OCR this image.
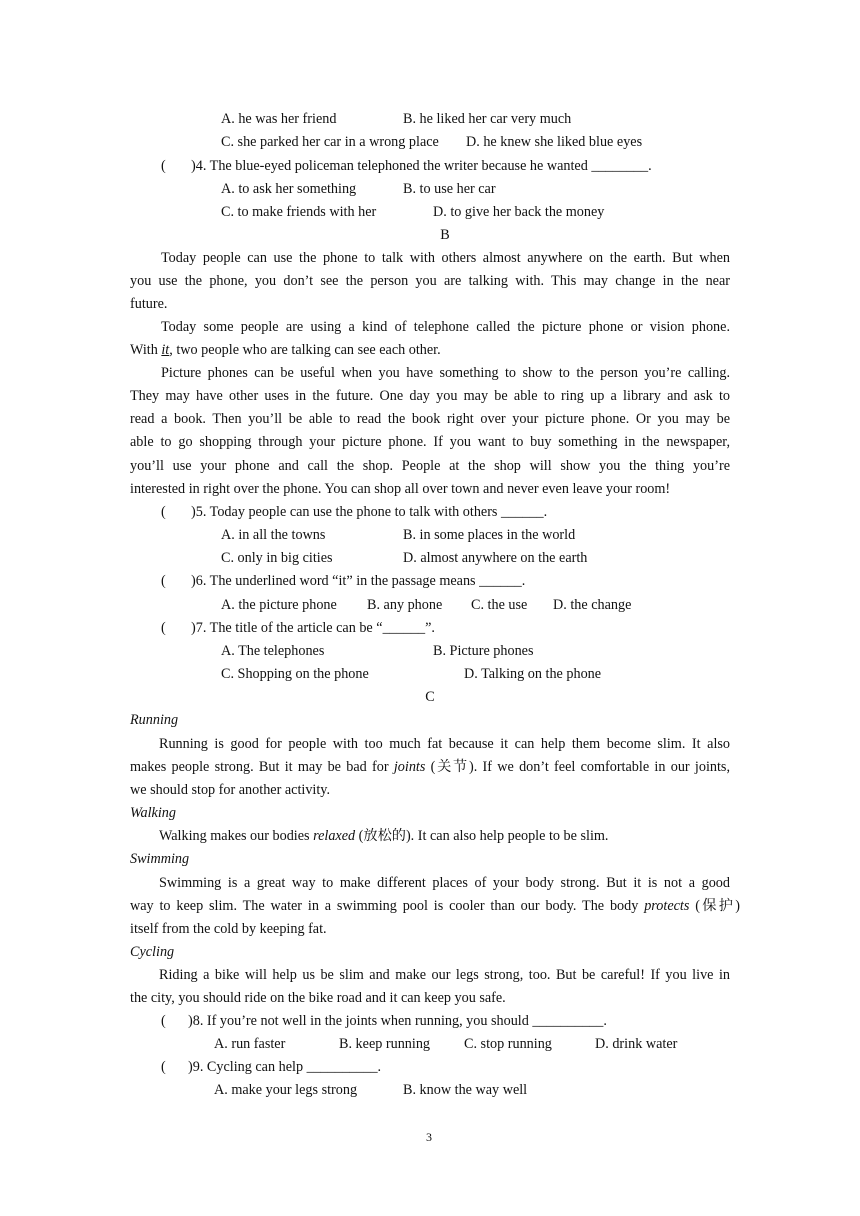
A. he was her friend	B. he liked her car very much
C. she parked her car in a wrong place D. he knew she liked blue eyes
( )4. The blue-eyed policeman telephoned the writer because he wanted ________.
A. to ask her something	B. to use her car
C. to make friends with her	D. to give her back the money
B
Today people can use the phone to talk with others almost anywhere on the earth. But when
you use the phone, you don’t see the person you are talking with. This may change in the near
future.
Today some people are using a kind of telephone called the picture phone or vision phone.
With it, two people who are talking can see each other.
Picture phones can be useful when you have something to show to the person you’re calling.
They may have other uses in the future. One day you may be able to ring up a library and ask to
read a book. Then you’ll be able to read the book right over your picture phone. Or you may be
able to go shopping through your picture phone. If you want to buy something in the newspaper,
you’ll use your phone and call the shop. People at the shop will show you the thing you’re
interested in right over the phone. You can shop all over town and never even leave your room!
( )5. Today people can use the phone to talk with others ______.
A. in all the towns	B. in some places in the world
C. only in big cities	D. almost anywhere on the earth
( )6. The underlined word “it” in the passage means ______.
A. the picture phone B. any phone C. the use D. the change
( )7. The title of the article can be “______”.
A. The telephones	B. Picture phones
C. Shopping on the phone	D. Talking on the phone
C
Running
Running is good for people with too much fat because it can help them become slim. It also
makes people strong. But it may be bad for joints (关节). If we don’t feel comfortable in our joints,
we should stop for another activity.
Walking
Walking makes our bodies relaxed (放松的). It can also help people to be slim.
Swimming
Swimming is a great way to make different places of your body strong. But it is not a good
way to keep slim. The water in a swimming pool is cooler than our body. The body protects (保护)
itself from the cold by keeping fat.
Cycling
Riding a bike will help us be slim and make our legs strong, too. But be careful! If you live in
the city, you should ride on the bike road and it can keep you safe.
( )8. If you’re not well in the joints when running, you should __________.
A. run faster	B. keep running C. stop running	D. drink water
( )9. Cycling can help __________.
A. make your legs strong	B. know the way well
3
